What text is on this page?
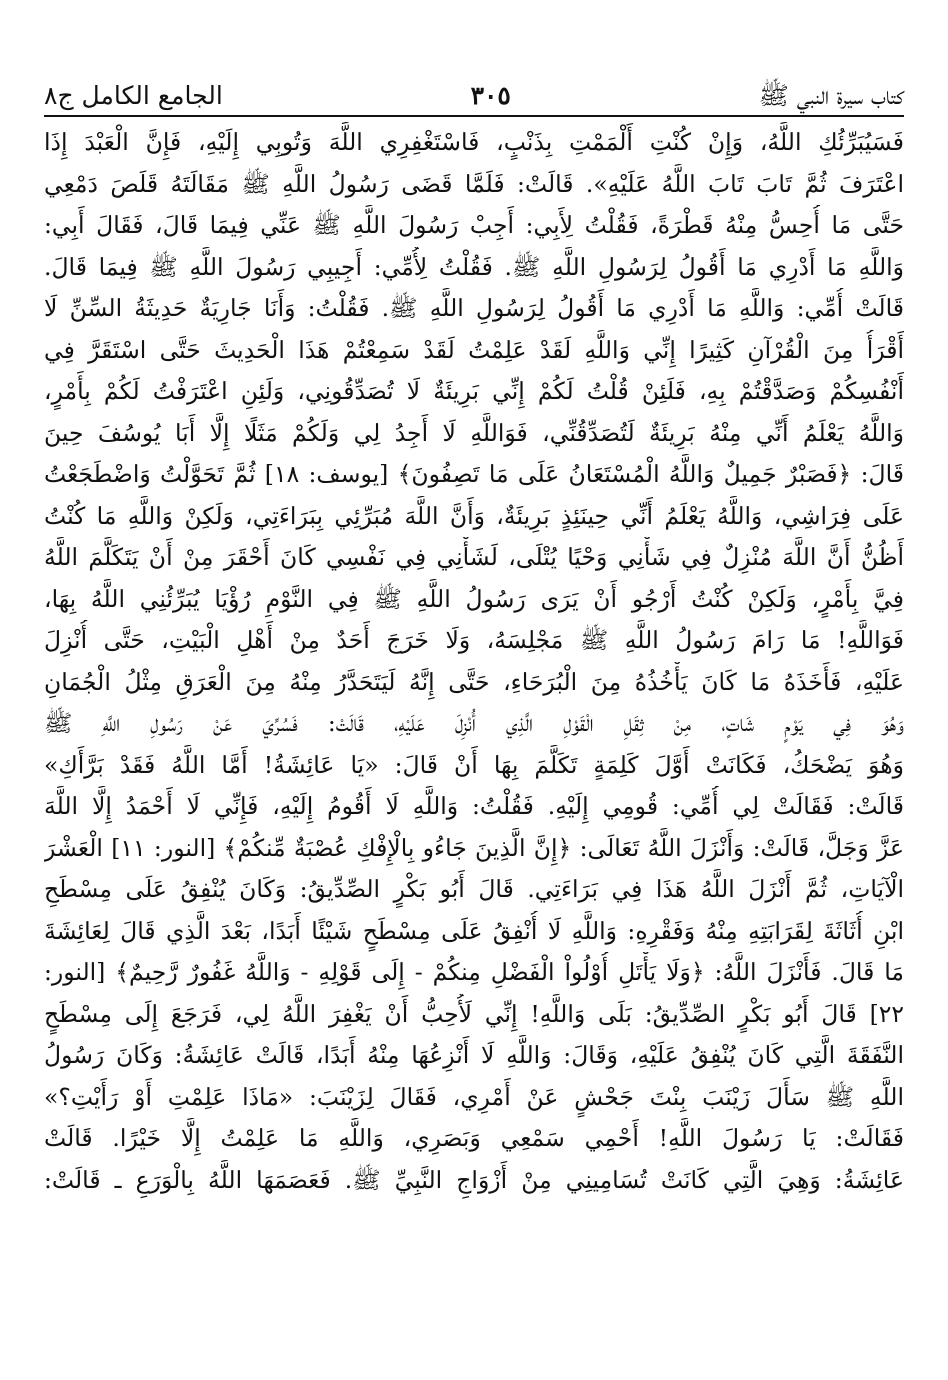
كتاب سيرة النبي ﷺ
٣٠٥
الجامع الكامل ج٨
فَسَيُبَرِّئُكِ اللَّهُ، وَإِنْ كُنْتِ أَلْمَمْتِ بِذَنْبٍ، فَاسْتَغْفِرِي اللَّهَ وَتُوبِي إِلَيْهِ، فَإِنَّ الْعَبْدَ إِذَا
اعْتَرَفَ ثُمَّ تَابَ تَابَ اللَّهُ عَلَيْهِ». قَالَتْ: فَلَمَّا قَضَى رَسُولُ اللَّهِ ﷺ مَقَالَتَهُ قَلَصَ دَمْعِي
حَتَّى مَا أُحِسُّ مِنْهُ قَطْرَةً، فَقُلْتُ لِأَبِي: أَجِبْ رَسُولَ اللَّهِ ﷺ عَنِّي فِيمَا قَالَ، فَقَالَ أَبِي:
وَاللَّهِ مَا أَدْرِي مَا أَقُولُ لِرَسُولِ اللَّهِ ﷺ. فَقُلْتُ لِأُمِّي: أَجِيبِي رَسُولَ اللَّهِ ﷺ فِيمَا قَالَ.
قَالَتْ أُمِّي: وَاللَّهِ مَا أَدْرِي مَا أَقُولُ لِرَسُولِ اللَّهِ ﷺ. فَقُلْتُ: وَأَنَا جَارِيَةٌ حَدِيثَةُ السِّنِّ لَا
أَقْرَأُ مِنَ الْقُرْآنِ كَثِيرًا إِنِّي وَاللَّهِ لَقَدْ عَلِمْتُ لَقَدْ سَمِعْتُمْ هَذَا الْحَدِيثَ حَتَّى اسْتَقَرَّ فِي
أَنْفُسِكُمْ وَصَدَّقْتُمْ بِهِ، فَلَئِنْ قُلْتُ لَكُمْ إِنِّي بَرِيئَةٌ لَا تُصَدِّقُونِي، وَلَئِنِ اعْتَرَفْتُ لَكُمْ بِأَمْرٍ،
وَاللَّهُ يَعْلَمُ أَنِّي مِنْهُ بَرِيئَةٌ لَتُصَدِّقُنِّي، فَوَاللَّهِ لَا أَجِدُ لِي وَلَكُمْ مَثَلًا إِلَّا أَبَا يُوسُفَ حِينَ
قَالَ: ﴿فَصَبْرٌ جَمِيلٌ وَاللَّهُ الْمُسْتَعَانُ عَلَى مَا تَصِفُونَ﴾ [يوسف: ١٨] ثُمَّ تَحَوَّلْتُ وَاضْطَجَعْتُ
عَلَى فِرَاشِي، وَاللَّهُ يَعْلَمُ أَنِّي حِينَئِذٍ بَرِيئَةٌ، وَأَنَّ اللَّهَ مُبَرِّئِي بِبَرَاءَتِي، وَلَكِنْ وَاللَّهِ مَا كُنْتُ
أَظُنُّ أَنَّ اللَّهَ مُنْزِلٌ فِي شَأْنِي وَحْيًا يُتْلَى، لَشَأْنِي فِي نَفْسِي كَانَ أَحْقَرَ مِنْ أَنْ يَتَكَلَّمَ اللَّهُ
فِيَّ بِأَمْرٍ، وَلَكِنْ كُنْتُ أَرْجُو أَنْ يَرَى رَسُولُ اللَّهِ ﷺ فِي النَّوْمِ رُؤْيَا يُبَرِّئُنِي اللَّهُ بِهَا،
فَوَاللَّهِ! مَا رَامَ رَسُولُ اللَّهِ ﷺ مَجْلِسَهُ، وَلَا خَرَجَ أَحَدٌ مِنْ أَهْلِ الْبَيْتِ، حَتَّى أُنْزِلَ
عَلَيْهِ، فَأَخَذَهُ مَا كَانَ يَأْخُذُهُ مِنَ الْبُرَحَاءِ، حَتَّى إِنَّهُ لَيَتَحَدَّرُ مِنْهُ مِنَ الْعَرَقِ مِثْلُ الْجُمَانِ
وَهُوَ فِي يَوْمٍ شَاتٍ، مِنْ ثِقَلِ الْقَوْلِ الَّذِي أُنْزِلَ عَلَيْهِ، قَالَتْ: فَسُرِّيَ عَنْ رَسُولِ اللَّهِ ﷺ
وَهُوَ يَضْحَكُ، فَكَانَتْ أَوَّلَ كَلِمَةٍ تَكَلَّمَ بِهَا أَنْ قَالَ: «يَا عَائِشَةُ! أَمَّا اللَّهُ فَقَدْ بَرَّأَكِ»
قَالَتْ: فَقَالَتْ لِي أُمِّي: قُومِي إِلَيْهِ. فَقُلْتُ: وَاللَّهِ لَا أَقُومُ إِلَيْهِ، فَإِنِّي لَا أَحْمَدُ إِلَّا اللَّهَ
عَزَّ وَجَلَّ، قَالَتْ: وَأَنْزَلَ اللَّهُ تَعَالَى: ﴿إِنَّ الَّذِينَ جَاءُو بِالْإِفْكِ عُصْبَةٌ مِّنكُمْ﴾ [النور: ١١] الْعَشْرَ
الْآيَاتِ، ثُمَّ أَنْزَلَ اللَّهُ هَذَا فِي بَرَاءَتِي. قَالَ أَبُو بَكْرٍ الصِّدِّيقُ: وَكَانَ يُنْفِقُ عَلَى مِسْطَحِ
ابْنِ أُثَاثَةَ لِقَرَابَتِهِ مِنْهُ وَفَقْرِهِ: وَاللَّهِ لَا أُنْفِقُ عَلَى مِسْطَحٍ شَيْئًا أَبَدًا، بَعْدَ الَّذِي قَالَ لِعَائِشَةَ
مَا قَالَ. فَأَنْزَلَ اللَّهُ: ﴿وَلَا يَأْتَلِ أُوْلُواْ الْفَضْلِ مِنكُمْ - إِلَى قَوْلِهِ - وَاللَّهُ غَفُورٌ رَّحِيمٌ﴾ [النور:
٢٢] قَالَ أَبُو بَكْرٍ الصِّدِّيقُ: بَلَى وَاللَّهِ! إِنِّي لَأُحِبُّ أَنْ يَغْفِرَ اللَّهُ لِي، فَرَجَعَ إِلَى مِسْطَحٍ
النَّفَقَةَ الَّتِي كَانَ يُنْفِقُ عَلَيْهِ، وَقَالَ: وَاللَّهِ لَا أَنْزِعُهَا مِنْهُ أَبَدًا، قَالَتْ عَائِشَةُ: وَكَانَ رَسُولُ
اللَّهِ ﷺ سَأَلَ زَيْنَبَ بِنْتَ جَحْشٍ عَنْ أَمْرِي، فَقَالَ لِزَيْنَبَ: «مَاذَا عَلِمْتِ أَوْ رَأَيْتِ؟»
فَقَالَتْ: يَا رَسُولَ اللَّهِ! أَحْمِي سَمْعِي وَبَصَرِي، وَاللَّهِ مَا عَلِمْتُ إِلَّا خَيْرًا. قَالَتْ
عَائِشَةُ: وَهِيَ الَّتِي كَانَتْ تُسَامِينِي مِنْ أَزْوَاجِ النَّبِيِّ ﷺ. فَعَصَمَهَا اللَّهُ بِالْوَرَعِ ـ قَالَتْ:
